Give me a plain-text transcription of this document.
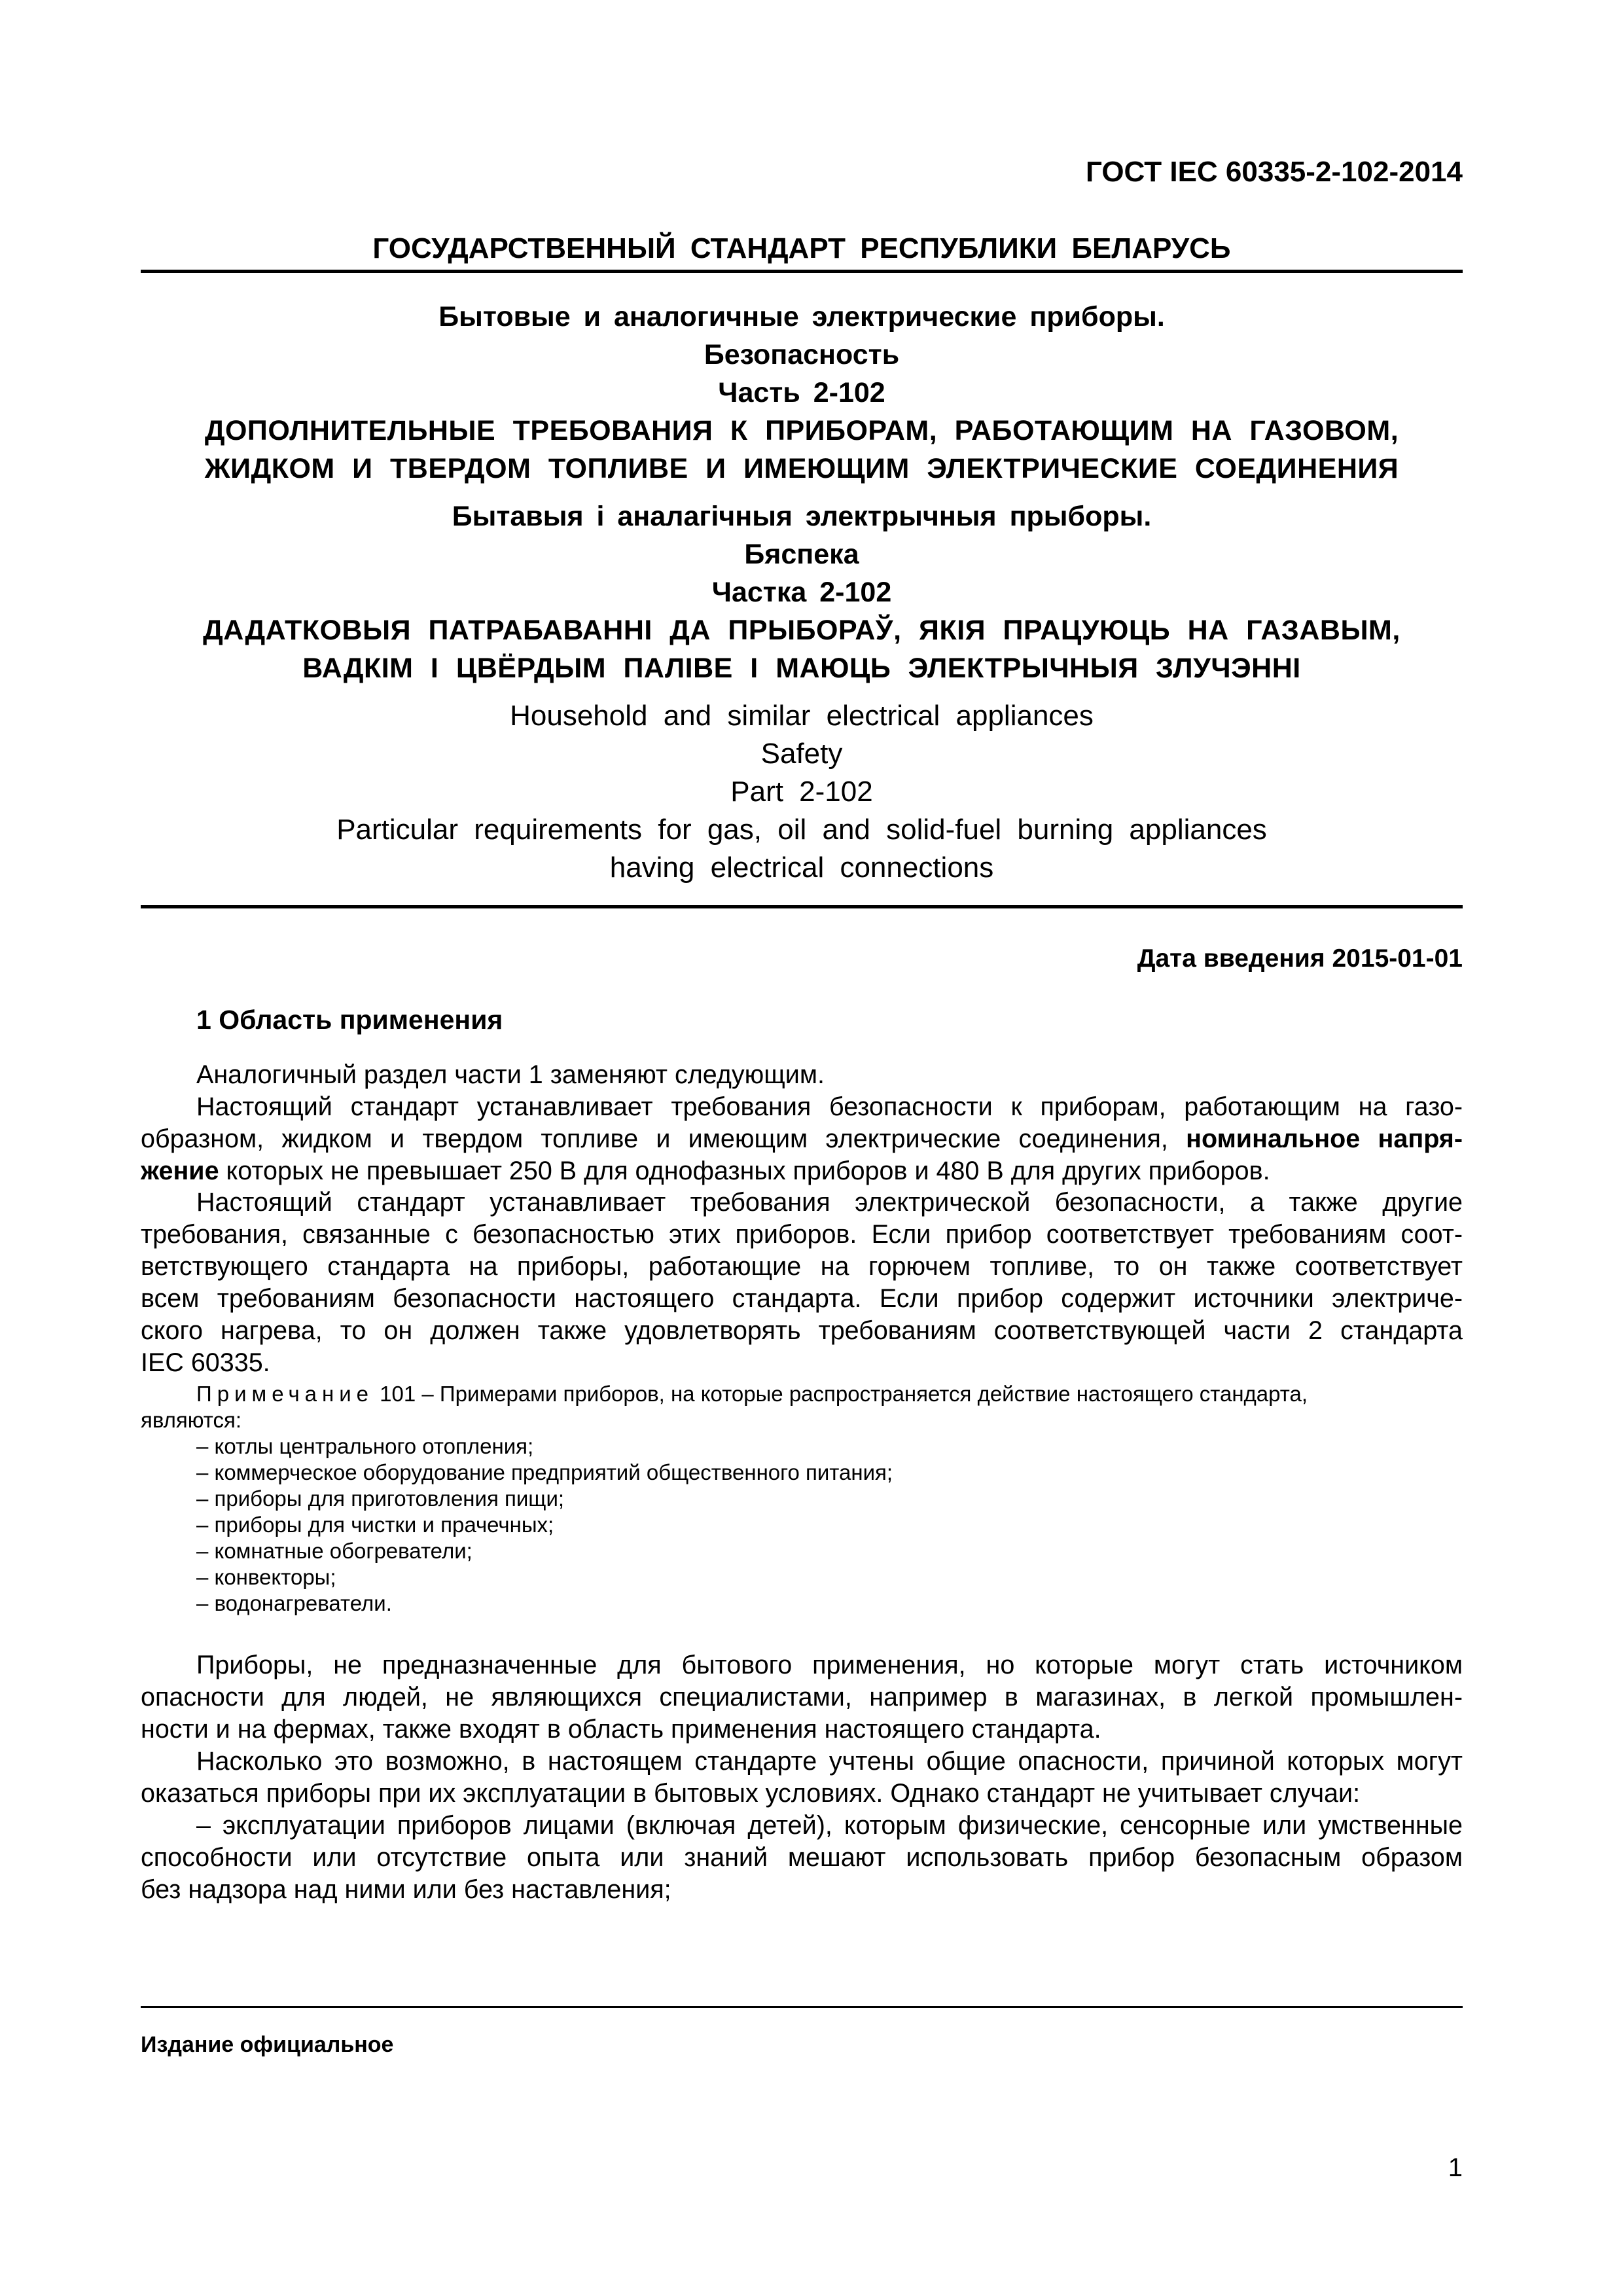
ГОСТ IEC 60335-2-102-2014
ГОСУДАРСТВЕННЫЙ СТАНДАРТ РЕСПУБЛИКИ БЕЛАРУСЬ
Бытовые и аналогичные электрические приборы.
Безопасность
Часть 2-102
ДОПОЛНИТЕЛЬНЫЕ ТРЕБОВАНИЯ К ПРИБОРАМ, РАБОТАЮЩИМ НА ГАЗОВОМ,
ЖИДКОМ И ТВЕРДОМ ТОПЛИВЕ И ИМЕЮЩИМ ЭЛЕКТРИЧЕСКИЕ СОЕДИНЕНИЯ
Бытавыя і аналагічныя электрычныя прыборы.
Бяспека
Частка 2-102
ДАДАТКОВЫЯ ПАТРАБАВАННІ ДА ПРЫБОРАЎ, ЯКІЯ ПРАЦУЮЦЬ НА ГАЗАВЫМ,
ВАДКІМ І ЦВЁРДЫМ ПАЛІВЕ І МАЮЦЬ ЭЛЕКТРЫЧНЫЯ ЗЛУЧЭННІ
Household and similar electrical appliances
Safety
Part 2-102
Particular requirements for gas, oil and solid-fuel burning appliances
having electrical connections
Дата введения 2015-01-01
1 Область применения
Аналогичный раздел части 1 заменяют следующим.
Настоящий стандарт устанавливает требования безопасности к приборам, работающим на газо-
образном, жидком и твердом топливе и имеющим электрические соединения, номинальное напря-
жение которых не превышает 250 В для однофазных приборов и 480 В для других приборов.
Настоящий стандарт устанавливает требования электрической безопасности, а также другие
требования, связанные с безопасностью этих приборов. Если прибор соответствует требованиям соот-
ветствующего стандарта на приборы, работающие на горючем топливе, то он также соответствует
всем требованиям безопасности настоящего стандарта. Если прибор содержит источники электриче-
ского нагрева, то он должен также удовлетворять требованиям соответствующей части 2 стандарта
IEC 60335.
Примечание 101 – Примерами приборов, на которые распространяется действие настоящего стандарта,
являются:
– котлы центрального отопления;
– коммерческое оборудование предприятий общественного питания;
– приборы для приготовления пищи;
– приборы для чистки и прачечных;
– комнатные обогреватели;
– конвекторы;
– водонагреватели.
Приборы, не предназначенные для бытового применения, но которые могут стать источником
опасности для людей, не являющихся специалистами, например в магазинах, в легкой промышлен-
ности и на фермах, также входят в область применения настоящего стандарта.
Насколько это возможно, в настоящем стандарте учтены общие опасности, причиной которых могут
оказаться приборы при их эксплуатации в бытовых условиях. Однако стандарт не учитывает случаи:
– эксплуатации приборов лицами (включая детей), которым физические, сенсорные или умственные
способности или отсутствие опыта или знаний мешают использовать прибор безопасным образом
без надзора над ними или без наставления;
Издание официальное
1
